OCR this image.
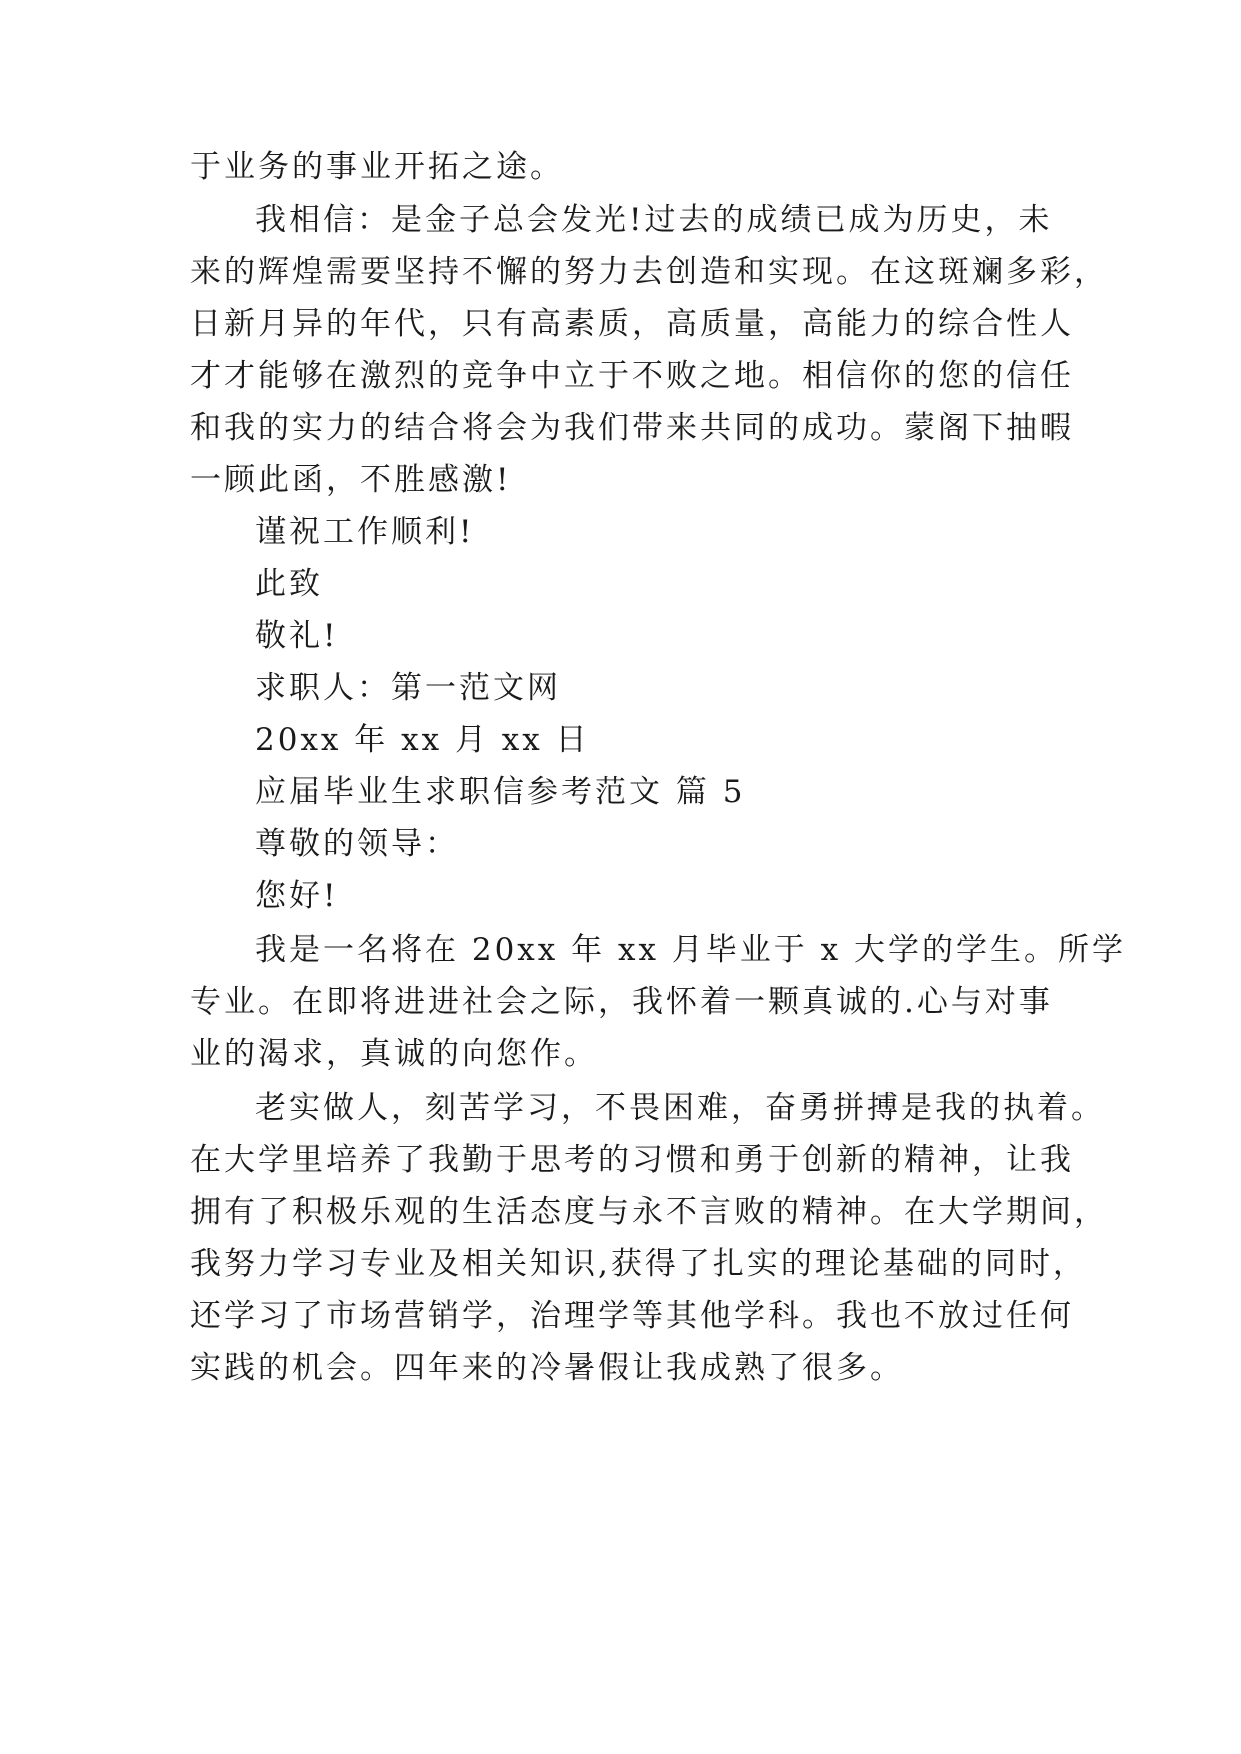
于业务的事业开拓之途。
我相信：是金子总会发光!过去的成绩已成为历史，未
来的辉煌需要坚持不懈的努力去创造和实现。在这斑斓多彩，
日新月异的年代，只有高素质，高质量，高能力的综合性人
才才能够在激烈的竞争中立于不败之地。相信你的您的信任
和我的实力的结合将会为我们带来共同的成功。蒙阁下抽暇
一顾此函，不胜感激!
谨祝工作顺利!
此致
敬礼!
求职人：第一范文网
20xx 年 xx 月 xx 日
应届毕业生求职信参考范文 篇 5
尊敬的领导：
您好!
我是一名将在 20xx 年 xx 月毕业于 x 大学的学生。所学
专业。在即将进进社会之际，我怀着一颗真诚的.心与对事
业的渴求，真诚的向您作。
老实做人，刻苦学习，不畏困难，奋勇拼搏是我的执着。
在大学里培养了我勤于思考的习惯和勇于创新的精神，让我
拥有了积极乐观的生活态度与永不言败的精神。在大学期间，
我努力学习专业及相关知识,获得了扎实的理论基础的同时，
还学习了市场营销学，治理学等其他学科。我也不放过任何
实践的机会。四年来的冷暑假让我成熟了很多。
